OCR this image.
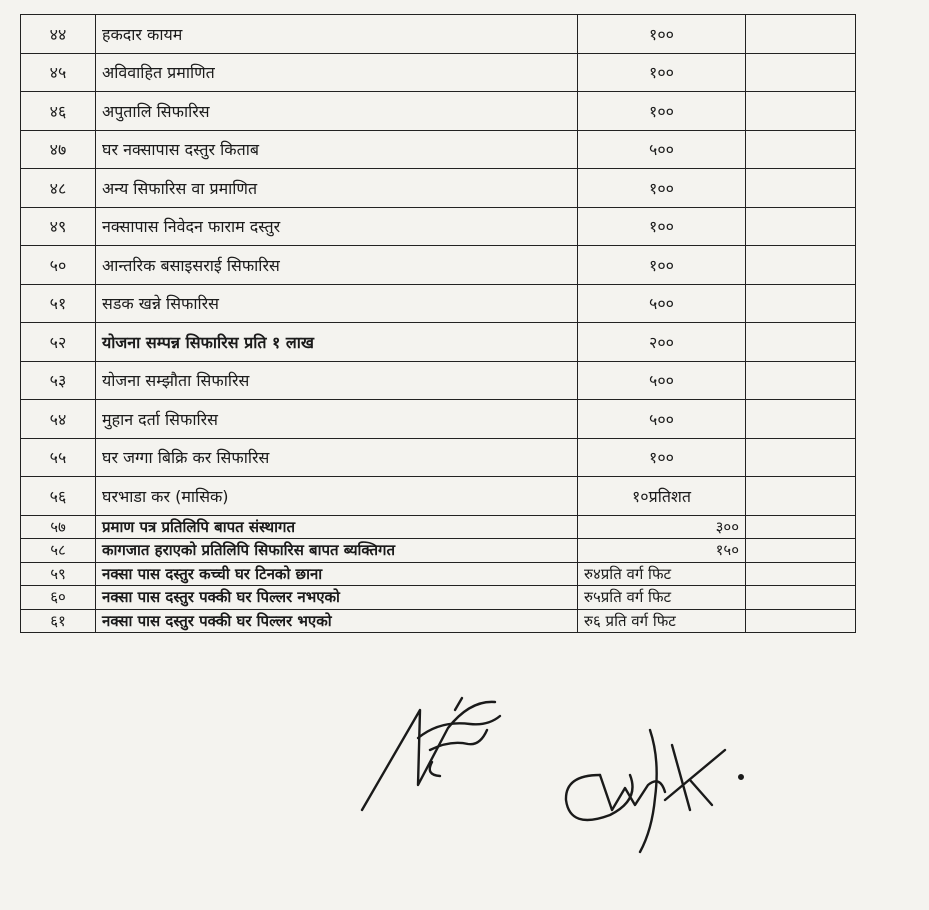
४४	हकदार कायम	१००	
४५	अविवाहित प्रमाणित	१००	
४६	अपुतालि सिफारिस	१००	
४७	घर नक्सापास दस्तुर किताब	५००	
४८	अन्य सिफारिस वा प्रमाणित	१००	
४९	नक्सापास निवेदन फाराम दस्तुर	१००	
५०	आन्तरिक बसाइसराई सिफारिस	१००	
५१	सडक खन्ने सिफारिस	५००	
५२	योजना सम्पन्न सिफारिस प्रति १ लाख	२००	
५३	योजना सम्झौता सिफारिस	५००	
५४	मुहान दर्ता सिफारिस	५००	
५५	घर जग्गा बिक्रि कर सिफारिस	१००	
५६	घरभाडा कर (मासिक)	१०प्रतिशत	
५७	प्रमाण पत्र प्रतिलिपि बापत संस्थागत	३००	
५८	कागजात हराएको प्रतिलिपि सिफारिस बापत ब्यक्तिगत	१५०	
५९	नक्सा पास दस्तुर कच्ची घर टिनको छाना	रु४प्रति वर्ग फिट	
६०	नक्सा पास दस्तुर पक्की घर पिल्लर नभएको	रु५प्रति वर्ग फिट	
६१	नक्सा पास दस्तुर पक्की घर पिल्लर भएको	रु६ प्रति वर्ग फिट	
